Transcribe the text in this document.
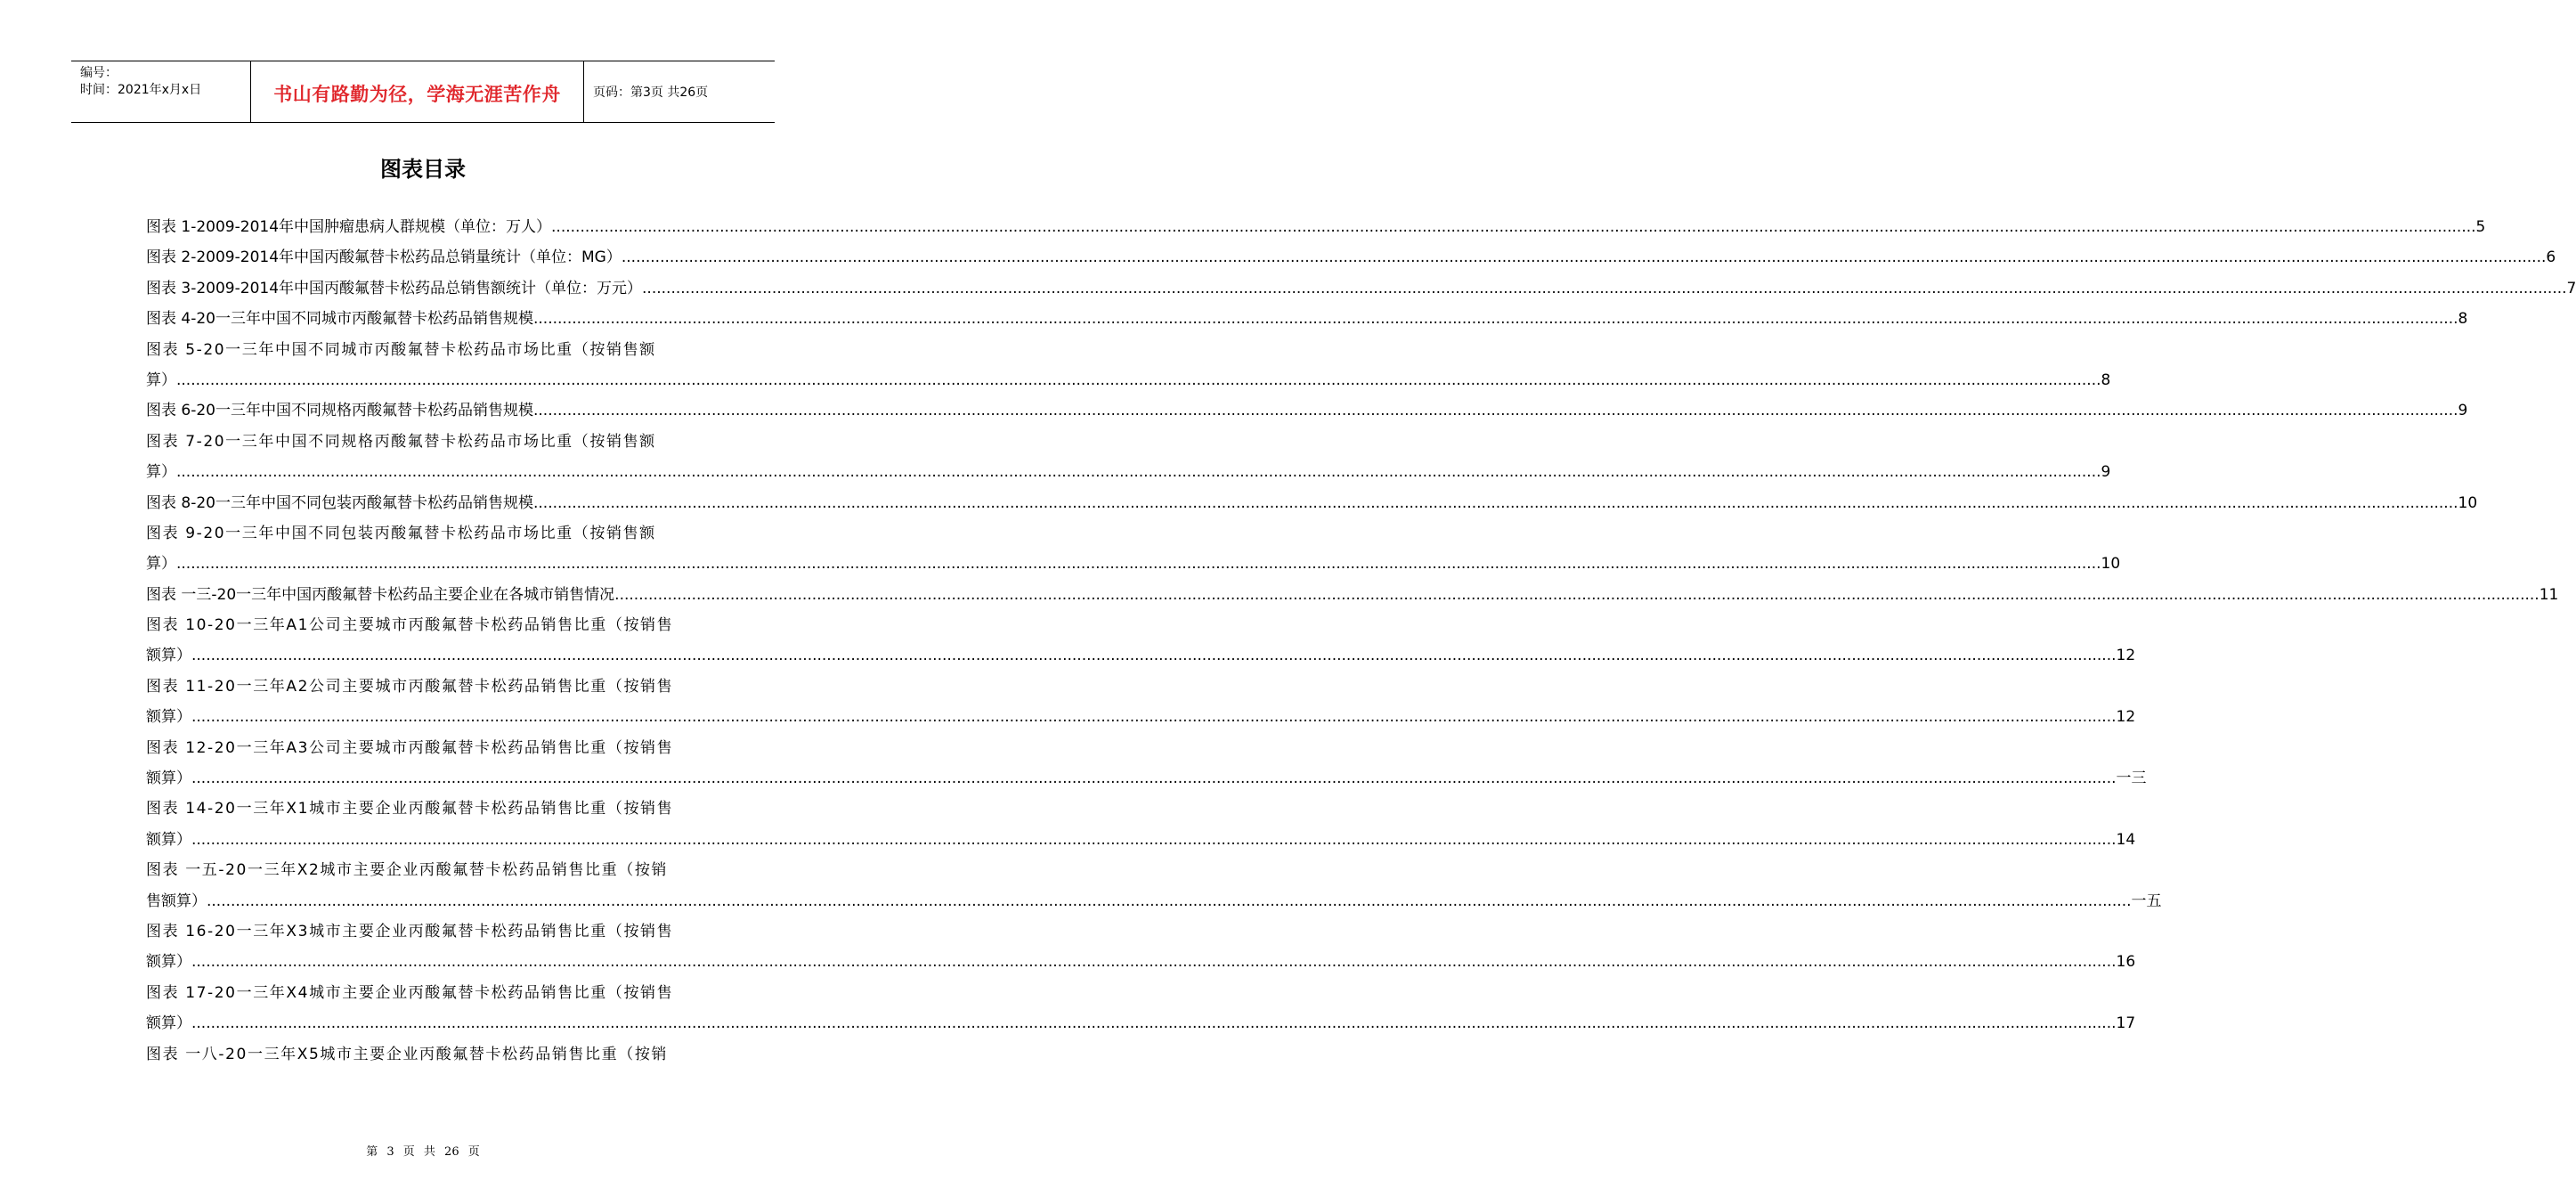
编号：
时间：2021年x月x日	书山有路勤为径，学海无涯苦作舟	页码：第3页 共26页
图表目录
图表 1-2009-2014年中国肿瘤患病人群规模（单位：万人） ................................................................................................................................................................................................................................................................................................................................................................................................................ 5
图表 2-2009-2014年中国丙酸氟替卡松药品总销量统计（单位：MG） ................................................................................................................................................................................................................................................................................................................................................................................................................ 6
图表 3-2009-2014年中国丙酸氟替卡松药品总销售额统计（单位：万元） ................................................................................................................................................................................................................................................................................................................................................................................................................ 7
图表 4-20一三年中国不同城市丙酸氟替卡松药品销售规模 ................................................................................................................................................................................................................................................................................................................................................................................................................ 8
图表 5-20一三年中国不同城市丙酸氟替卡松药品市场比重（按销售额
算） ................................................................................................................................................................................................................................................................................................................................................................................................................ 8
图表 6-20一三年中国不同规格丙酸氟替卡松药品销售规模 ................................................................................................................................................................................................................................................................................................................................................................................................................ 9
图表 7-20一三年中国不同规格丙酸氟替卡松药品市场比重（按销售额
算） ................................................................................................................................................................................................................................................................................................................................................................................................................ 9
图表 8-20一三年中国不同包装丙酸氟替卡松药品销售规模 ................................................................................................................................................................................................................................................................................................................................................................................................................ 10
图表 9-20一三年中国不同包装丙酸氟替卡松药品市场比重（按销售额
算） ................................................................................................................................................................................................................................................................................................................................................................................................................ 10
图表 一三-20一三年中国丙酸氟替卡松药品主要企业在各城市销售情况 ................................................................................................................................................................................................................................................................................................................................................................................................................ 11
图表 10-20一三年A1公司主要城市丙酸氟替卡松药品销售比重（按销售
额算） ................................................................................................................................................................................................................................................................................................................................................................................................................ 12
图表 11-20一三年A2公司主要城市丙酸氟替卡松药品销售比重（按销售
额算） ................................................................................................................................................................................................................................................................................................................................................................................................................ 12
图表 12-20一三年A3公司主要城市丙酸氟替卡松药品销售比重（按销售
额算） ................................................................................................................................................................................................................................................................................................................................................................................................................ 一三
图表 14-20一三年X1城市主要企业丙酸氟替卡松药品销售比重（按销售
额算） ................................................................................................................................................................................................................................................................................................................................................................................................................ 14
图表 一五-20一三年X2城市主要企业丙酸氟替卡松药品销售比重（按销
售额算） ................................................................................................................................................................................................................................................................................................................................................................................................................ 一五
图表 16-20一三年X3城市主要企业丙酸氟替卡松药品销售比重（按销售
额算） ................................................................................................................................................................................................................................................................................................................................................................................................................ 16
图表 17-20一三年X4城市主要企业丙酸氟替卡松药品销售比重（按销售
额算） ................................................................................................................................................................................................................................................................................................................................................................................................................ 17
图表 一八-20一三年X5城市主要企业丙酸氟替卡松药品销售比重（按销
第 3 页 共 26 页
